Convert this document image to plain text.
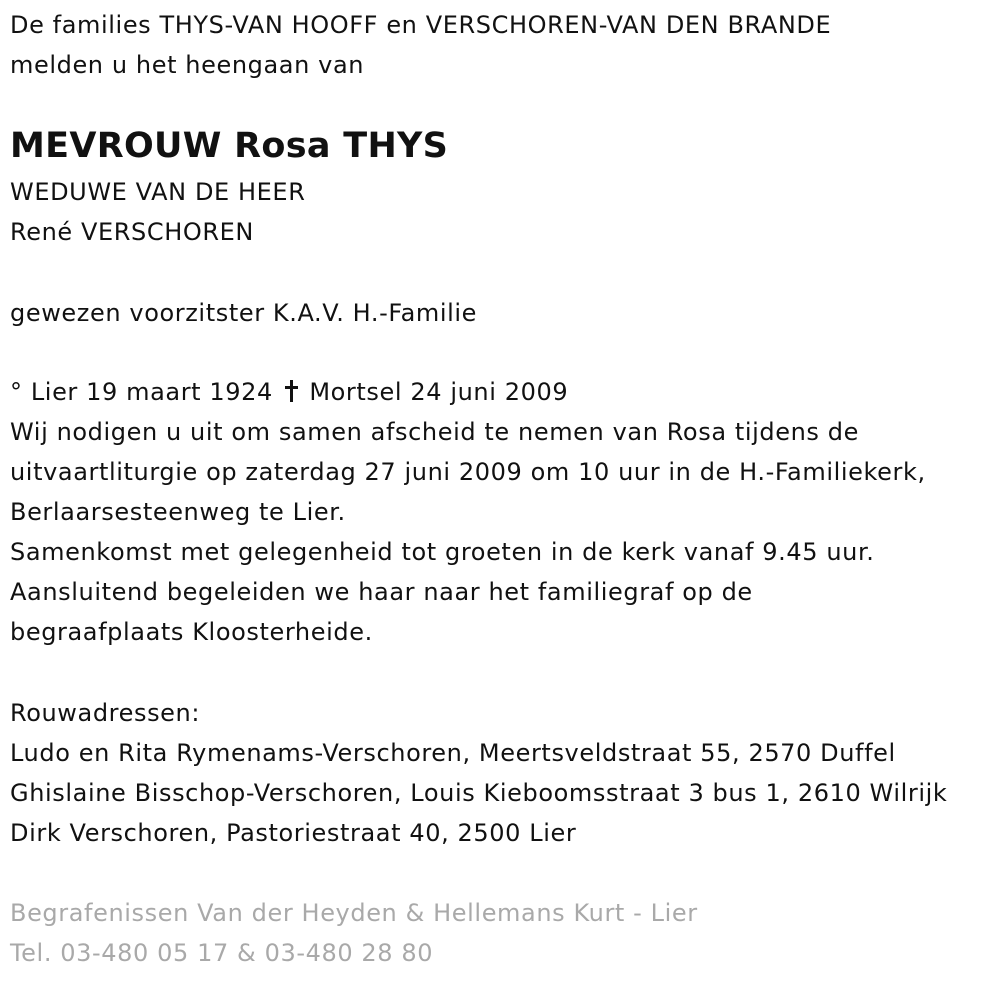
De families THYS-VAN HOOFF en VERSCHOREN-VAN DEN BRANDE
melden u het heengaan van
MEVROUW Rosa THYS
WEDUWE VAN DE HEER
René VERSCHOREN
gewezen voorzitster K.A.V. H.-Familie
° Lier 19 maart 1924 Mortsel 24 juni 2009
Wij nodigen u uit om samen afscheid te nemen van Rosa tijdens de
uitvaartliturgie op zaterdag 27 juni 2009 om 10 uur in de H.-Familiekerk,
Berlaarsesteenweg te Lier.
Samenkomst met gelegenheid tot groeten in de kerk vanaf 9.45 uur.
Aansluitend begeleiden we haar naar het familiegraf op de
begraafplaats Kloosterheide.
Rouwadressen:
Ludo en Rita Rymenams-Verschoren, Meertsveldstraat 55, 2570 Duffel
Ghislaine Bisschop-Verschoren, Louis Kieboomsstraat 3 bus 1, 2610 Wilrijk
Dirk Verschoren, Pastoriestraat 40, 2500 Lier
Begrafenissen Van der Heyden & Hellemans Kurt - Lier
Tel. 03-480 05 17 & 03-480 28 80
